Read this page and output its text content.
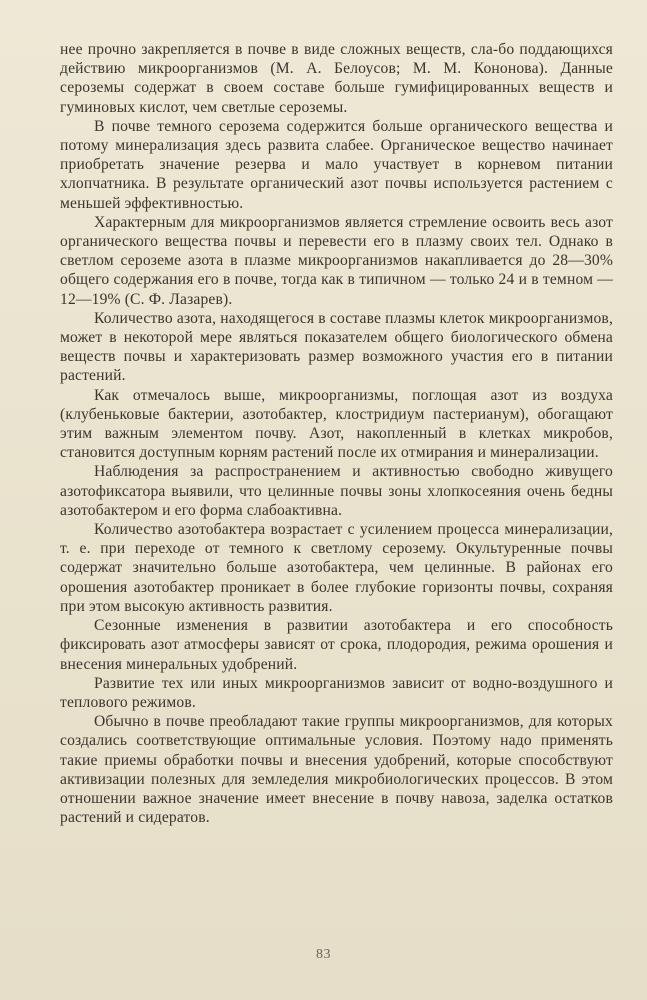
нее прочно закрепляется в почве в виде сложных веществ, сла-бо поддающихся действию микроорганизмов (М. А. Белоусов; М. М. Кононова). Данные сероземы содержат в своем составе больше гумифицированных веществ и гуминовых кислот, чем светлые сероземы.

В почве темного серозема содержится больше органического вещества и потому минерализация здесь развита слабее. Органическое вещество начинает приобретать значение резерва и мало участвует в корневом питании хлопчатника. В результате органический азот почвы используется растением с меньшей эффективностью.

Характерным для микроорганизмов является стремление освоить весь азот органического вещества почвы и перевести его в плазму своих тел. Однако в светлом сероземе азота в плазме микроорганизмов накапливается до 28—30% общего содержания его в почве, тогда как в типичном — только 24 и в темном — 12—19% (С. Ф. Лазарев).

Количество азота, находящегося в составе плазмы клеток микроорганизмов, может в некоторой мере являться показателем общего биологического обмена веществ почвы и характеризовать размер возможного участия его в питании растений.

Как отмечалось выше, микроорганизмы, поглощая азот из воздуха (клубеньковые бактерии, азотобактер, клостридиум пастерианум), обогащают этим важным элементом почву. Азот, накопленный в клетках микробов, становится доступным корням растений после их отмирания и минерализации.

Наблюдения за распространением и активностью свободно живущего азотофиксатора выявили, что целинные почвы зоны хлопкосеяния очень бедны азотобактером и его форма слабоактивна.

Количество азотобактера возрастает с усилением процесса минерализации, т. е. при переходе от темного к светлому серозему. Окультуренные почвы содержат значительно больше азотобактера, чем целинные. В районах его орошения азотобактер проникает в более глубокие горизонты почвы, сохраняя при этом высокую активность развития.

Сезонные изменения в развитии азотобактера и его способность фиксировать азот атмосферы зависят от срока, плодородия, режима орошения и внесения минеральных удобрений.

Развитие тех или иных микроорганизмов зависит от водно-воздушного и теплового режимов.

Обычно в почве преобладают такие группы микроорганизмов, для которых создались соответствующие оптимальные условия. Поэтому надо применять такие приемы обработки почвы и внесения удобрений, которые способствуют активизации полезных для земледелия микробиологических процессов. В этом отношении важное значение имеет внесение в почву навоза, заделка остатков растений и сидератов.

83
